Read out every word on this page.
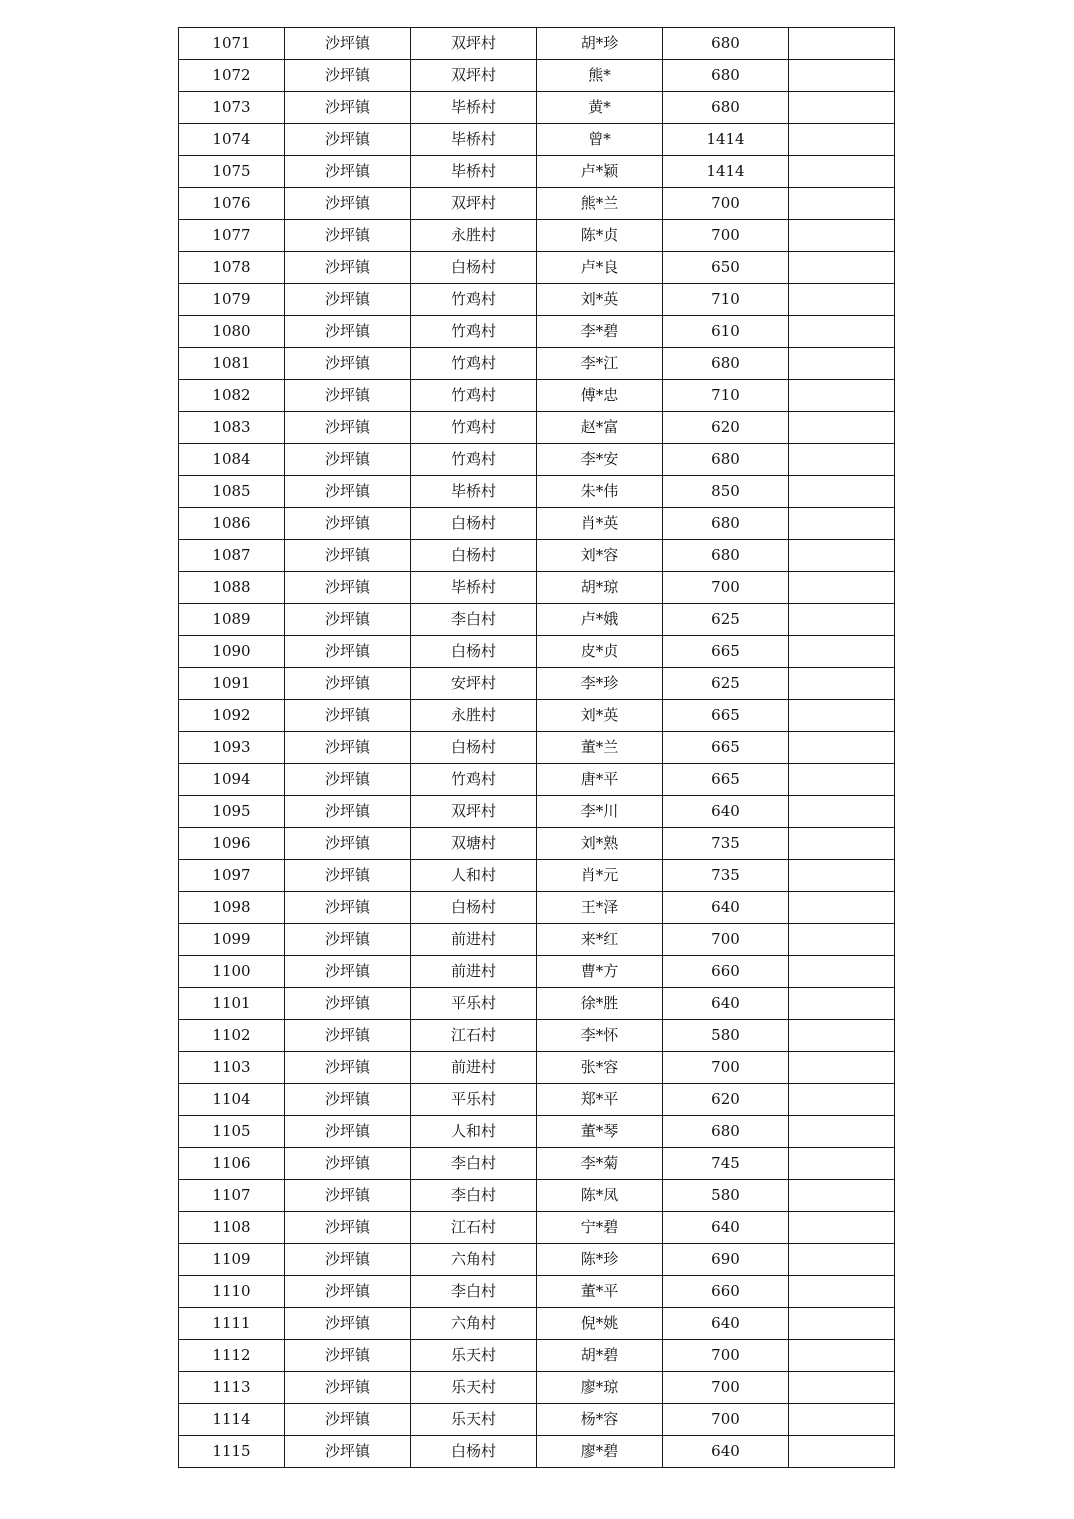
1071	沙坪镇	双坪村	胡*珍	680	
1072	沙坪镇	双坪村	熊*	680	
1073	沙坪镇	毕桥村	黄*	680	
1074	沙坪镇	毕桥村	曾*	1414	
1075	沙坪镇	毕桥村	卢*颖	1414	
1076	沙坪镇	双坪村	熊*兰	700	
1077	沙坪镇	永胜村	陈*贞	700	
1078	沙坪镇	白杨村	卢*良	650	
1079	沙坪镇	竹鸡村	刘*英	710	
1080	沙坪镇	竹鸡村	李*碧	610	
1081	沙坪镇	竹鸡村	李*江	680	
1082	沙坪镇	竹鸡村	傅*忠	710	
1083	沙坪镇	竹鸡村	赵*富	620	
1084	沙坪镇	竹鸡村	李*安	680	
1085	沙坪镇	毕桥村	朱*伟	850	
1086	沙坪镇	白杨村	肖*英	680	
1087	沙坪镇	白杨村	刘*容	680	
1088	沙坪镇	毕桥村	胡*琼	700	
1089	沙坪镇	李白村	卢*娥	625	
1090	沙坪镇	白杨村	皮*贞	665	
1091	沙坪镇	安坪村	李*珍	625	
1092	沙坪镇	永胜村	刘*英	665	
1093	沙坪镇	白杨村	董*兰	665	
1094	沙坪镇	竹鸡村	唐*平	665	
1095	沙坪镇	双坪村	李*川	640	
1096	沙坪镇	双塘村	刘*熟	735	
1097	沙坪镇	人和村	肖*元	735	
1098	沙坪镇	白杨村	王*泽	640	
1099	沙坪镇	前进村	来*红	700	
1100	沙坪镇	前进村	曹*方	660	
1101	沙坪镇	平乐村	徐*胜	640	
1102	沙坪镇	江石村	李*怀	580	
1103	沙坪镇	前进村	张*容	700	
1104	沙坪镇	平乐村	郑*平	620	
1105	沙坪镇	人和村	董*琴	680	
1106	沙坪镇	李白村	李*菊	745	
1107	沙坪镇	李白村	陈*凤	580	
1108	沙坪镇	江石村	宁*碧	640	
1109	沙坪镇	六角村	陈*珍	690	
1110	沙坪镇	李白村	董*平	660	
1111	沙坪镇	六角村	倪*姚	640	
1112	沙坪镇	乐天村	胡*碧	700	
1113	沙坪镇	乐天村	廖*琼	700	
1114	沙坪镇	乐天村	杨*容	700	
1115	沙坪镇	白杨村	廖*碧	640	
